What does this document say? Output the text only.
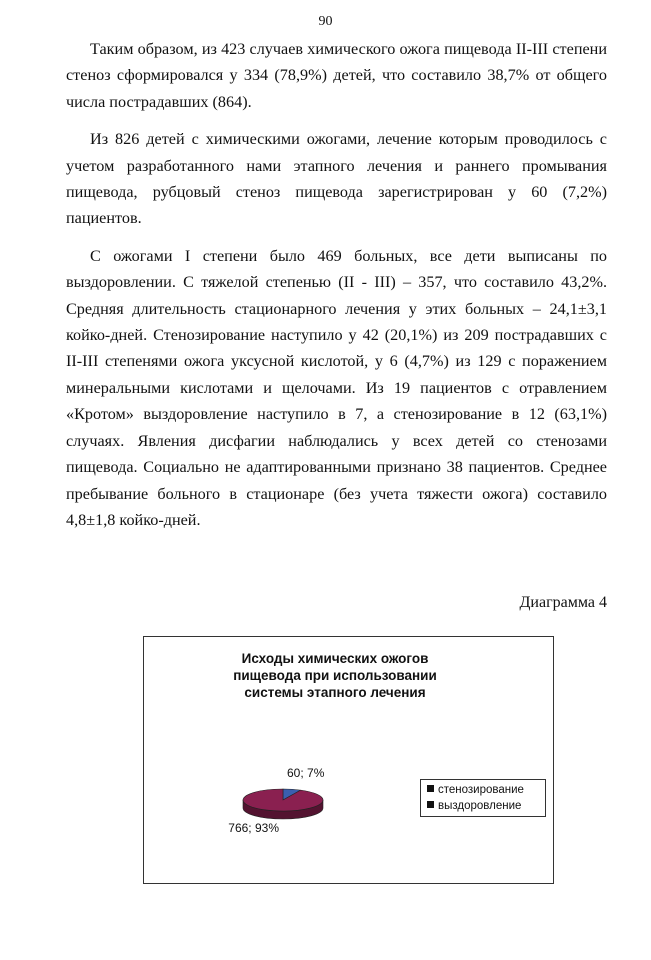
90

Таким образом, из 423 случаев химического ожога пищевода II-III степени стеноз сформировался у 334 (78,9%) детей, что составило 38,7% от общего числа пострадавших (864).

Из 826 детей с химическими ожогами, лечение которым проводилось с учетом разработанного нами этапного лечения и раннего промывания пищевода, рубцовый стеноз пищевода зарегистрирован у 60 (7,2%) пациентов.

С ожогами I степени было 469 больных, все дети выписаны по выздоровлении. С тяжелой степенью (II - III) – 357, что составило 43,2%. Средняя длительность стационарного лечения у этих больных – 24,1±3,1 койко-дней. Стенозирование наступило у 42 (20,1%) из 209 пострадавших с II-III степенями ожога уксусной кислотой, у 6 (4,7%) из 129 с поражением минеральными кислотами и щелочами. Из 19 пациентов с отравлением «Кротом» выздоровление наступило в 7, а стенозирование в 12 (63,1%) случаях. Явления дисфагии наблюдались у всех детей со стенозами пищевода. Социально не адаптированными признано 38 пациентов. Среднее пребывание больного в стационаре (без учета тяжести ожога) составило 4,8±1,8 койко-дней.

Диаграмма 4
Исходы химических ожогов
пищевода при использовании
системы этапного лечения
60; 7%
766; 93%
стенозирование
выздоровление
